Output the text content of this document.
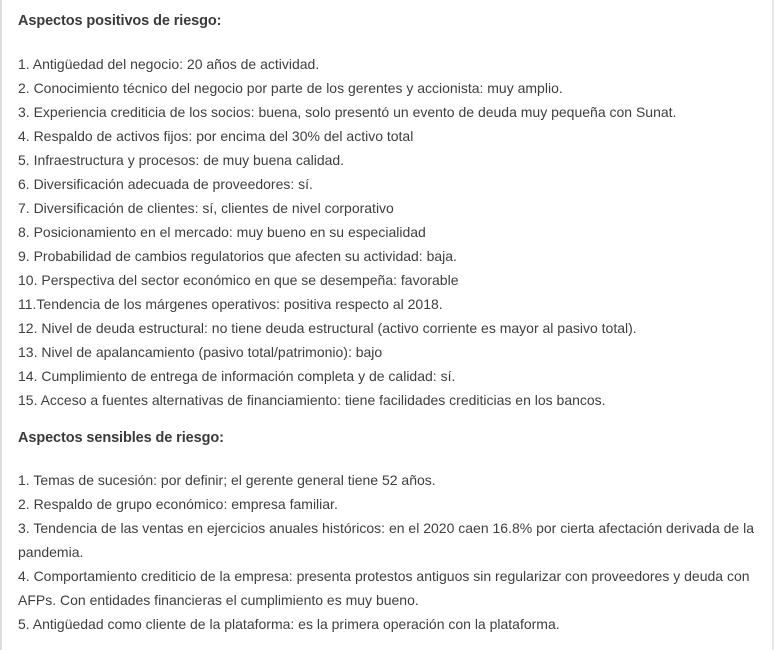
Aspectos positivos de riesgo:
1. Antigüedad del negocio: 20 años de actividad.
2. Conocimiento técnico del negocio por parte de los gerentes y accionista: muy amplio.
3. Experiencia crediticia de los socios: buena, solo presentó un evento de deuda muy pequeña con Sunat.
4. Respaldo de activos fijos: por encima del 30% del activo total
5. Infraestructura y procesos: de muy buena calidad.
6. Diversificación adecuada de proveedores: sí.
7. Diversificación de clientes: sí, clientes de nivel corporativo
8. Posicionamiento en el mercado: muy bueno en su especialidad
9. Probabilidad de cambios regulatorios que afecten su actividad: baja.
10. Perspectiva del sector económico en que se desempeña: favorable
11.Tendencia de los márgenes operativos: positiva respecto al 2018.
12. Nivel de deuda estructural: no tiene deuda estructural (activo corriente es mayor al pasivo total).
13. Nivel de apalancamiento (pasivo total/patrimonio): bajo
14. Cumplimiento de entrega de información completa y de calidad: sí.
15. Acceso a fuentes alternativas de financiamiento: tiene facilidades crediticias en los bancos.
Aspectos sensibles de riesgo:
1. Temas de sucesión: por definir; el gerente general tiene 52 años.
2. Respaldo de grupo económico: empresa familiar.
3. Tendencia de las ventas en ejercicios anuales históricos: en el 2020 caen 16.8% por cierta afectación derivada de la pandemia.
4. Comportamiento crediticio de la empresa: presenta protestos antiguos sin regularizar con proveedores y deuda con AFPs. Con entidades financieras el cumplimiento es muy bueno.
5. Antigüedad como cliente de la plataforma: es la primera operación con la plataforma.
